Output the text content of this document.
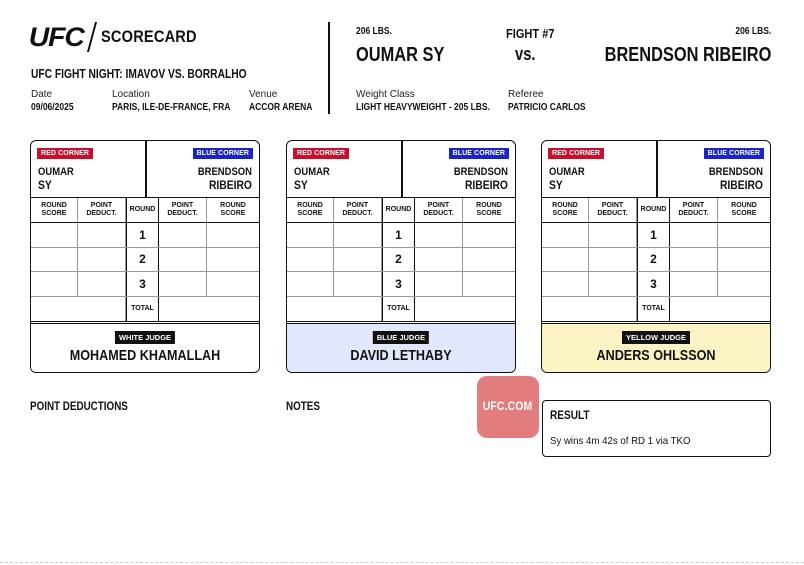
UFC SCORECARD
UFC FIGHT NIGHT: IMAVOV VS. BORRALHO
Date
09/06/2025
Location
PARIS, ILE-DE-FRANCE, FRA
Venue
ACCOR ARENA
206 LBS.
OUMAR SY
FIGHT #7
vs.
206 LBS.
BRENDSON RIBEIRO
Weight Class
LIGHT HEAVYWEIGHT - 205 LBS.
Referee
PATRICIO CARLOS
RED CORNER
OUMAR
SY
BLUE CORNER
BRENDSON
RIBEIRO
ROUND SCORE
POINT DEDUCT.
ROUND
POINT DEDUCT.
ROUND SCORE
1
2
3
TOTAL
WHITE JUDGE
MOHAMED KHAMALLAH
RED CORNER
OUMAR
SY
BLUE CORNER
BRENDSON
RIBEIRO
ROUND SCORE
POINT DEDUCT.
ROUND
POINT DEDUCT.
ROUND SCORE
1
2
3
TOTAL
BLUE JUDGE
DAVID LETHABY
RED CORNER
OUMAR
SY
BLUE CORNER
BRENDSON
RIBEIRO
ROUND SCORE
POINT DEDUCT.
ROUND
POINT DEDUCT.
ROUND SCORE
1
2
3
TOTAL
YELLOW JUDGE
ANDERS OHLSSON
POINT DEDUCTIONS	NOTES	UFC.COM
RESULT
Sy wins 4m 42s of RD 1 via TKO
